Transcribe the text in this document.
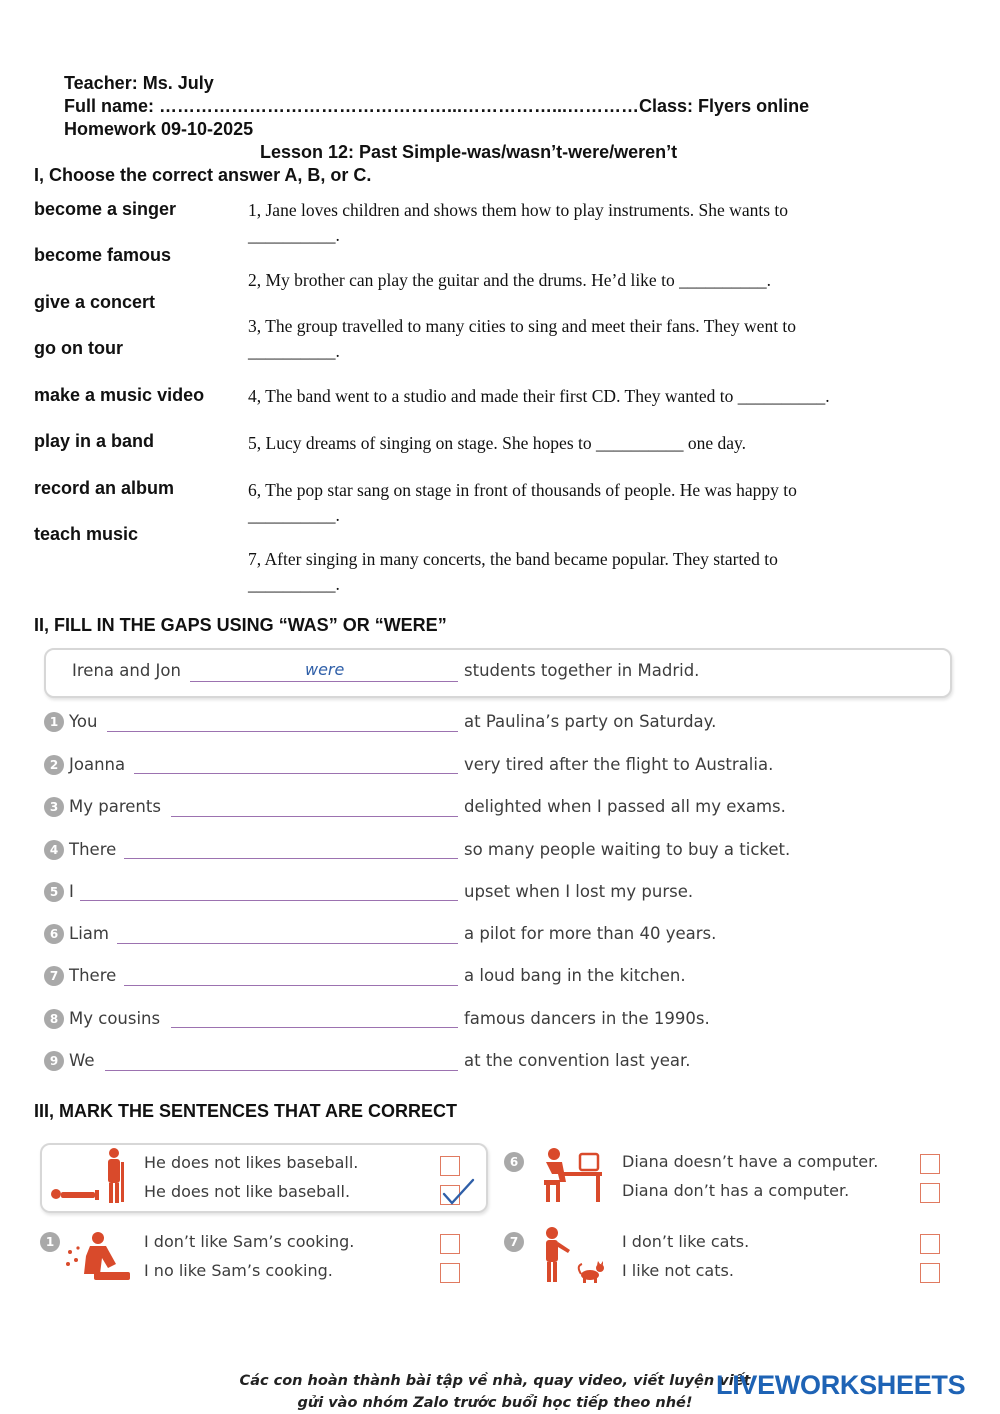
Teacher: Ms. July
Full name: …………………………………………...……………...…………Class: Flyers online
Homework 09-10-2025
Lesson 12: Past Simple-was/wasn’t-were/weren’t
I, Choose the correct answer A, B, or C.
become a singer
become famous
give a concert
go on tour
make a music video
play in a band
record an album
teach music
1, Jane loves children and shows them how to play instruments. She wants to
__________.
2, My brother can play the guitar and the drums. He’d like to __________.
3, The group travelled to many cities to sing and meet their fans. They went to
__________.
4, The band went to a studio and made their first CD. They wanted to __________.
5, Lucy dreams of singing on stage. She hopes to __________ one day.
6, The pop star sang on stage in front of thousands of people. He was happy to
__________.
7, After singing in many concerts, the band became popular. They started to
__________.
II, FILL IN THE GAPS USING “WAS” OR “WERE”
Irena and Jon	were	students together in Madrid.
1 You	at Paulina’s party on Saturday.
2 Joanna	very tired after the flight to Australia.
3 My parents	delighted when I passed all my exams.
4 There	so many people waiting to buy a ticket.
5 I	upset when I lost my purse.
6 Liam	a pilot for more than 40 years.
7 There	a loud bang in the kitchen.
8 My cousins	famous dancers in the 1990s.
9 We	at the convention last year.
III, MARK THE SENTENCES THAT ARE CORRECT
He does not likes baseball.
He does not like baseball.
1	I don’t like Sam’s cooking.
I no like Sam’s cooking.
6	Diana doesn’t have a computer.
Diana don’t has a computer.
7	I don’t like cats.
I like not cats.
Các con hoàn thành bài tập về nhà, quay video, viết luyện viết
gửi vào nhóm Zalo trước buổi học tiếp theo nhé!
LIVEWORKSHEETS
